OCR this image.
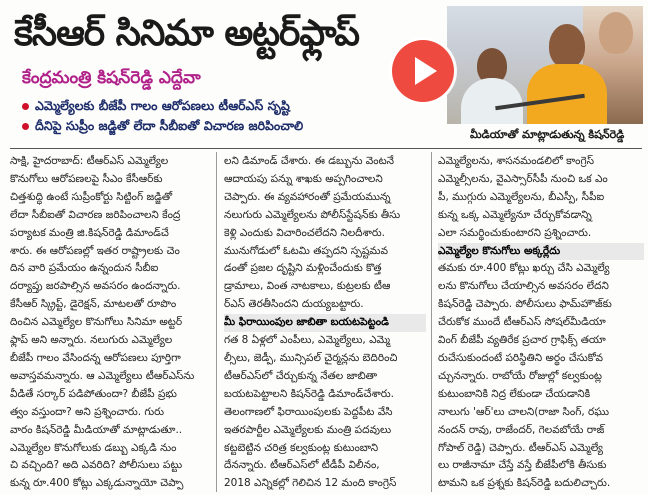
కేసీఆర్ సినిమా అట్టర్‌ఫ్లాప్
కేంద్రమంత్రి కిషన్‌రెడ్డి ఎద్దేవా
ఎమ్మెల్యేలకు బీజేపీ గాలం ఆరోపణలు టీఆర్‌ఎస్ సృష్టి
దీనిపై సుప్రీం జడ్జితో లేదా సీబీఐతో విచారణ జరిపించాలి
మీడియాతో మాట్లాడుతున్న కిషన్‌రెడ్డి
సాక్షి, హైదరాబాద్: టీఆర్‌ఎస్ ఎమ్మెల్యేల
కొనుగోలు ఆరోపణలపై సీఎం కేసీఆర్‌కు
చిత్తశుద్ధి ఉంటే సుప్రీంకోర్టు సిట్టింగ్ జడ్జితో
లేదా సీబీఐతో విచారణ జరిపించాలని కేంద్ర
పర్యాటక మంత్రి జి.కిషన్‌రెడ్డి డిమాండ్‌చే
శారు. ఈ ఆరోపణల్లో ఇతర రాష్ట్రాలకు చెం
దిన వారి ప్రమేయం ఉన్నందున సీబీఐ
దర్యాప్తు జరపాల్సిన అవసరం ఉందన్నారు.
కేసీఆర్ స్క్రిప్ట్, డైరెక్షన్, మాటలతో రూపొం
దించిన ఎమ్మెల్యేల కొనుగోలు సినిమా అట్టర్
ఫ్లాప్ అని అన్నారు. నలుగురు ఎమ్మెల్యేల
బీజేపీ గాలం వేసిందన్న ఆరోపణలు పూర్తిగా
అవాస్తవమన్నారు. ఆ ఎమ్మెల్యేలు టీఆర్‌ఎస్‌ను
వీడితే సర్కార్ పడిపోతుందా? బీజేపీ ప్రభు
త్వం వస్తుందా? అని ప్రశ్నించారు. గురు
వారం కిషన్‌రెడ్డి మీడియాతో మాట్లాడుతూ..
ఎమ్మెల్యేల కొనుగోలుకు డబ్బు ఎక్కడి నుం
చి వచ్చింది? అది ఎవరిది? పోలీసులు పట్టు
కున్న రూ.400 కోట్లు ఎక్కడున్నాయో చెప్పా
లని డిమాండ్ చేశారు. ఈ డబ్బును వెంటనే
ఆదాయపు పన్ను శాఖకు అప్పగించాలని
చెప్పారు. ఈ వ్యవహారంతో ప్రమేయమున్న
నలుగురు ఎమ్మెల్యేలను పోలీస్‌స్టేషన్‌కు తీసు
కెళ్లి ఎందుకు విచారించలేదని నిలదీశారు.
మునుగోడులో ఓటమి తప్పదని స్పష్టమవ
డంతో ప్రజల దృష్టిని మళ్లించేందుకు కొత్త
డ్రామాలు, వింత నాటకాలు, కుట్రలకు టీఆ
ర్‌ఎస్ తెరతీసిందని దుయ్యబట్టారు.
మీ ఫిరాయింపుల జాబితా బయటపెట్టండి
గత 8 ఏళ్లలో ఎంపీలు, ఎమ్మెల్యేలు, ఎమ్మె
ల్సీలు, జెడ్పీ, మున్సిపల్ చైర్మన్లను బెదిరించి
టీఆర్‌ఎస్‌లో చేర్చుకున్న నేతల జాబితా
బయటపెట్టాలని కిషన్‌రెడ్డి డిమాండ్‌చేశారు.
తెలంగాణలో ఫిరాయింపులకు పెద్దపీట వేసి
ఇతరపార్టీల ఎమ్మెల్యేలకు మంత్రి పదవులు
కట్టబెట్టిన చరిత్ర కల్వకుంట్ల కుటుంబాని
దేనన్నారు. టీఆర్‌ఎస్‌లో టీడీపీ విలీనం,
2018 ఎన్నికల్లో గెలిచిన 12 మంది కాంగ్రెస్
ఎమ్మెల్యేలను, శాసనమండలిలో కాంగ్రెస్
ఎమ్మెల్సీలను, వైఎస్సార్‌సీపీ నుంచి ఒక ఎం
పీ, ముగ్గురు ఎమ్మెల్యేలను, బీఎస్పీ, సీపీఐ
కున్న ఒక్క ఎమ్మెల్యేనూ చేర్చుకోవడాన్ని
ఎలా సమర్థించుకుంటారని ప్రశ్నించారు.
ఎమ్మెల్యేల కొనుగోలు అక్కర్లేదు
తమకు రూ.400 కోట్లు ఖర్చు చేసి ఎమ్మెల్యే
లను కొనుగోలు చేయాల్సిన అవసరం లేదని
కిషన్‌రెడ్డి చెప్పారు. పోలీసులు ఫామ్‌హౌజ్‌కు
చేరుకోక ముందే టీఆర్‌ఎస్ సోషల్‌మీడియా
వింగ్ బీజేపీ వ్యతిరేక ప్రచార గ్రాఫిక్స్ తయా
రుచేసుకుందంటే పరిస్థితిని అర్థం చేసుకోవ
చ్చునన్నారు. రాబోయే రోజుల్లో కల్వకుంట్ల
కుటుంబానికి నిద్ర లేకుండా చేయడానికి
నాలుగు 'ఆర్'లు చాలని(రాజా సింగ్, రఘు
నందన్ రావు, రాజేందర్, గెలవబోయే రాజ్
గోపాల్ రెడ్డి) చెప్పారు. టీఆర్‌ఎస్ ఎమ్మెల్యే
లు రాజీనామా చేస్తే వస్తే బీజేపీలోకి తీసుకు
టామని ఒక ప్రశ్నకు కిషన్‌రెడ్డి బదులిచ్చారు.
